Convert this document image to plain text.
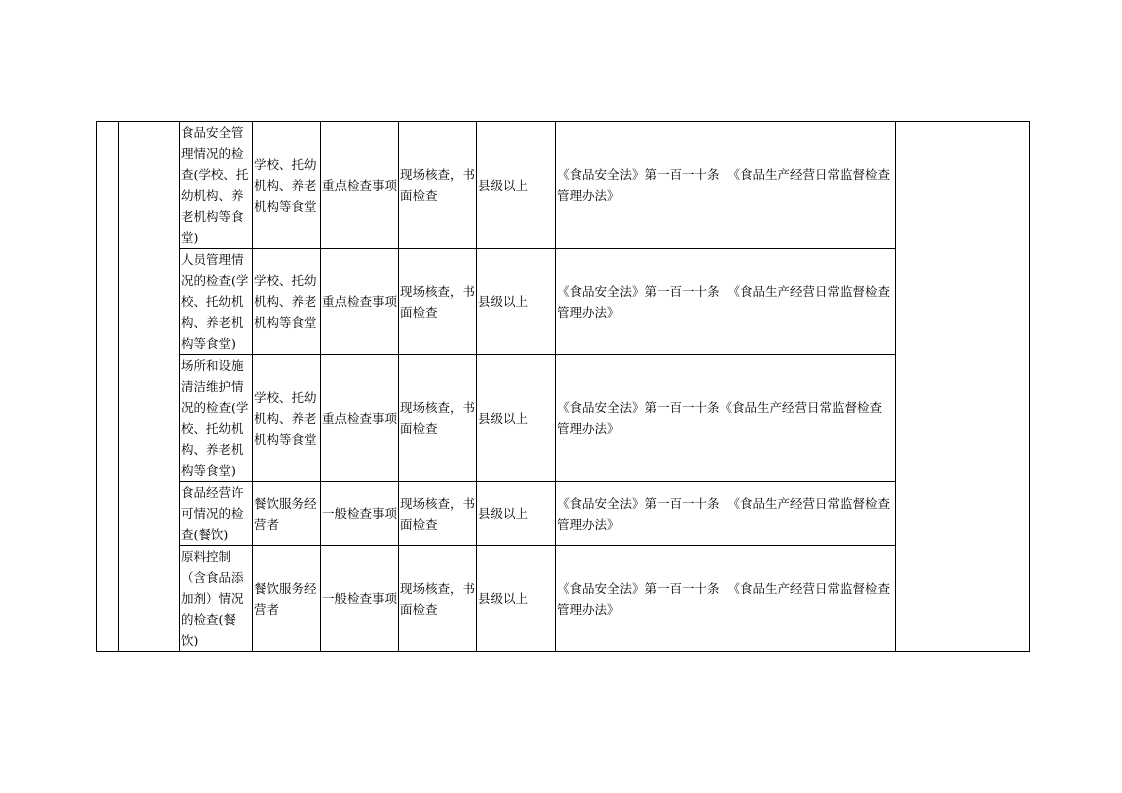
		食品安全管理情况的检查(学校、托幼机构、养老机构等食堂)	学校、托幼机构、养老机构等食堂	重点检查事项	现场核查，书面检查	县级以上	《食品安全法》第一百一十条  《食品生产经营日常监督检查管理办法》	

		人员管理情况的检查(学校、托幼机构、养老机构等食堂)	学校、托幼机构、养老机构等食堂	重点检查事项	现场核查，书面检查	县级以上	《食品安全法》第一百一十条  《食品生产经营日常监督检查管理办法》	

		场所和设施清洁维护情况的检查(学校、托幼机构、养老机构等食堂)	学校、托幼机构、养老机构等食堂	重点检查事项	现场核查，书面检查	县级以上	《食品安全法》第一百一十条《食品生产经营日常监督检查管理办法》	

		食品经营许可情况的检查(餐饮)	餐饮服务经营者	一般检查事项	现场核查，书面检查	县级以上	《食品安全法》第一百一十条  《食品生产经营日常监督检查管理办法》	

		原料控制（含食品添加剂）情况的检查(餐饮)	餐饮服务经营者	一般检查事项	现场核查，书面检查	县级以上	《食品安全法》第一百一十条  《食品生产经营日常监督检查管理办法》	
